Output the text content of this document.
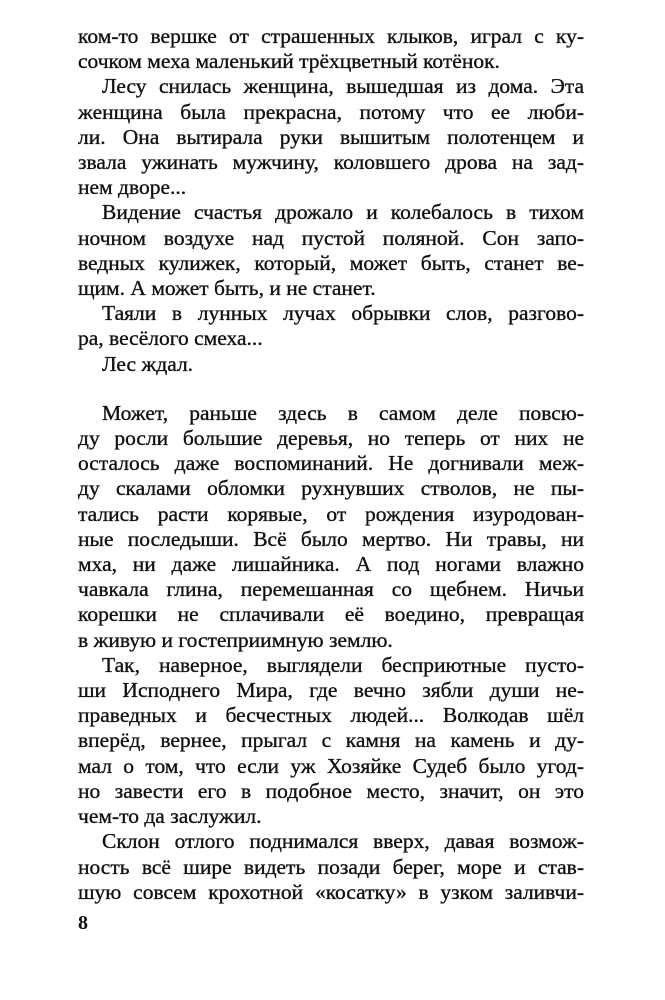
ком-то вершке от страшенных клыков, играл с ку-
сочком меха маленький трёхцветный котёнок.

Лесу снилась женщина, вышедшая из дома. Эта
женщина была прекрасна, потому что ее люби-
ли. Она вытирала руки вышитым полотенцем и
звала ужинать мужчину, коловшего дрова на зад-
нем дворе...

Видение счастья дрожало и колебалось в тихом
ночном воздухе над пустой поляной. Сон запо-
ведных кулижек, который, может быть, станет ве-
щим. А может быть, и не станет.

Таяли в лунных лучах обрывки слов, разгово-
ра, весёлого смеха...

Лес ждал.

Может, раньше здесь в самом деле повсю-
ду росли большие деревья, но теперь от них не
осталось даже воспоминаний. Не догнивали меж-
ду скалами обломки рухнувших стволов, не пы-
тались расти корявые, от рождения изуродован-
ные последыши. Всё было мертво. Ни травы, ни
мха, ни даже лишайника. А под ногами влажно
чавкала глина, перемешанная со щебнем. Ничьи
корешки не сплачивали её воедино, превращая
в живую и гостеприимную землю.

Так, наверное, выглядели бесприютные пусто-
ши Исподнего Мира, где вечно зябли души не-
праведных и бесчестных людей... Волкодав шёл
вперёд, вернее, прыгал с камня на камень и ду-
мал о том, что если уж Хозяйке Судеб было угод-
но завести его в подобное место, значит, он это
чем-то да заслужил.

Склон отлого поднимался вверх, давая возмож-
ность всё шире видеть позади берег, море и став-
шую совсем крохотной «косатку» в узком заливчи-

8
